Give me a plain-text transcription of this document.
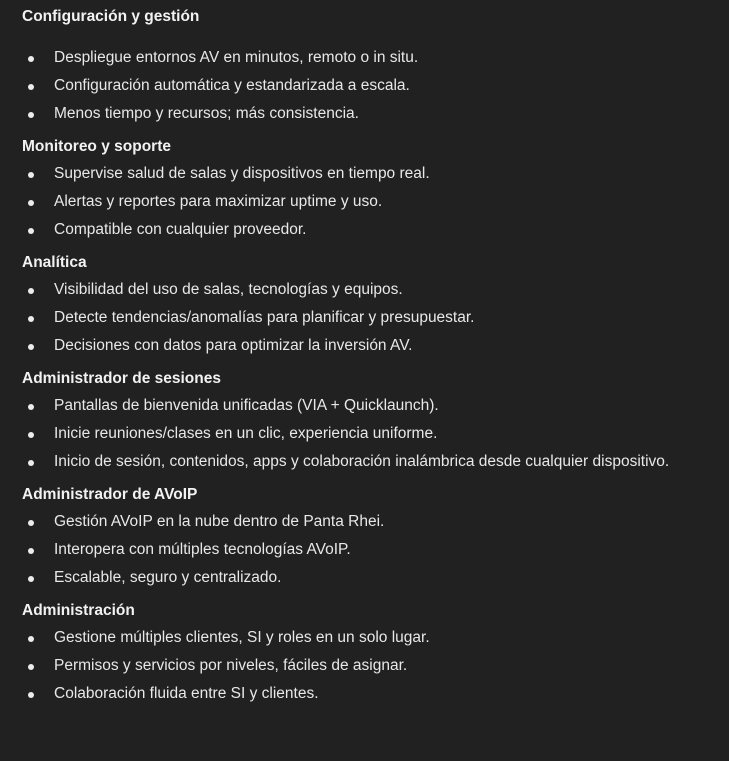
Configuración y gestión
Despliegue entornos AV en minutos, remoto o in situ.
Configuración automática y estandarizada a escala.
Menos tiempo y recursos; más consistencia.
Monitoreo y soporte
Supervise salud de salas y dispositivos en tiempo real.
Alertas y reportes para maximizar uptime y uso.
Compatible con cualquier proveedor.
Analítica
Visibilidad del uso de salas, tecnologías y equipos.
Detecte tendencias/anomalías para planificar y presupuestar.
Decisiones con datos para optimizar la inversión AV.
Administrador de sesiones
Pantallas de bienvenida unificadas (VIA + Quicklaunch).
Inicie reuniones/clases en un clic, experiencia uniforme.
Inicio de sesión, contenidos, apps y colaboración inalámbrica desde cualquier dispositivo.
Administrador de AVoIP
Gestión AVoIP en la nube dentro de Panta Rhei.
Interopera con múltiples tecnologías AVoIP.
Escalable, seguro y centralizado.
Administración
Gestione múltiples clientes, SI y roles en un solo lugar.
Permisos y servicios por niveles, fáciles de asignar.
Colaboración fluida entre SI y clientes.
